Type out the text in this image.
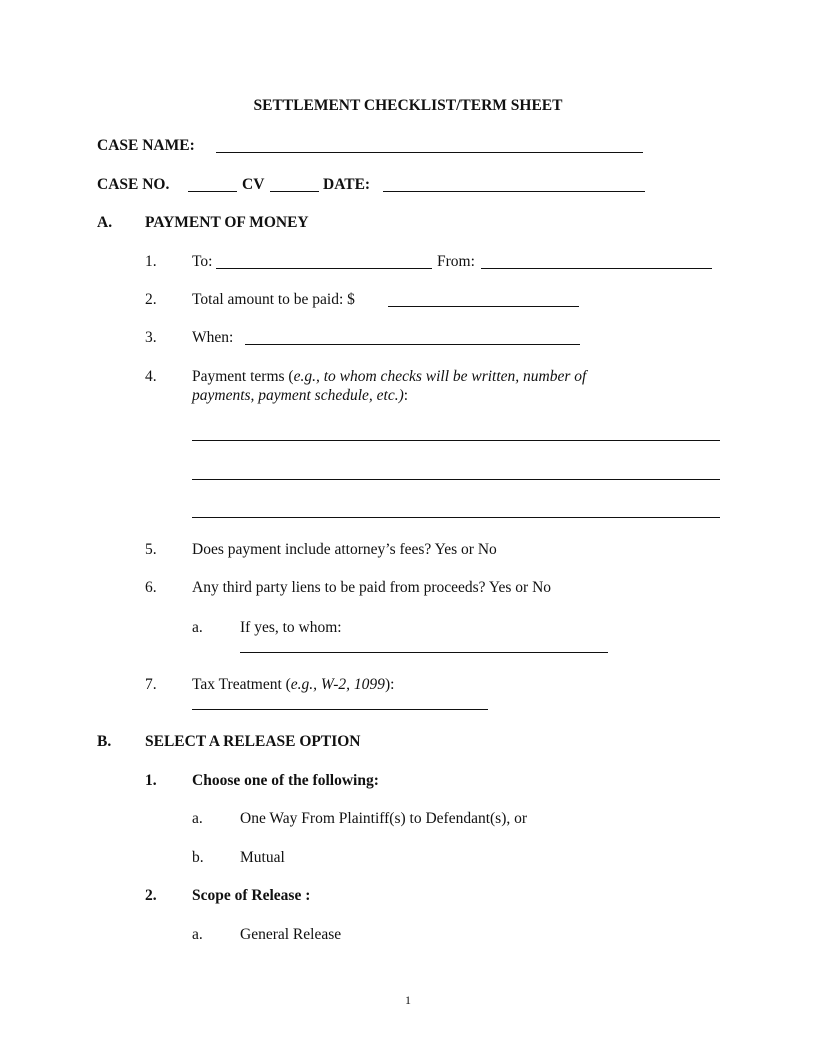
SETTLEMENT CHECKLIST/TERM SHEET
CASE NAME:
CASE NO.	CV	DATE:
A. PAYMENT OF MONEY
1. To:	From:
2. Total amount to be paid: $
3. When:
4. Payment terms (e.g., to whom checks will be written, number of
payments, payment schedule, etc.):
5. Does payment include attorney’s fees? Yes or No
6. Any third party liens to be paid from proceeds? Yes or No
a. If yes, to whom:
7. Tax Treatment (e.g., W-2, 1099):
B. SELECT A RELEASE OPTION
1. Choose one of the following:
a. One Way From Plaintiff(s) to Defendant(s), or
b. Mutual
2. Scope of Release :
a. General Release
1
